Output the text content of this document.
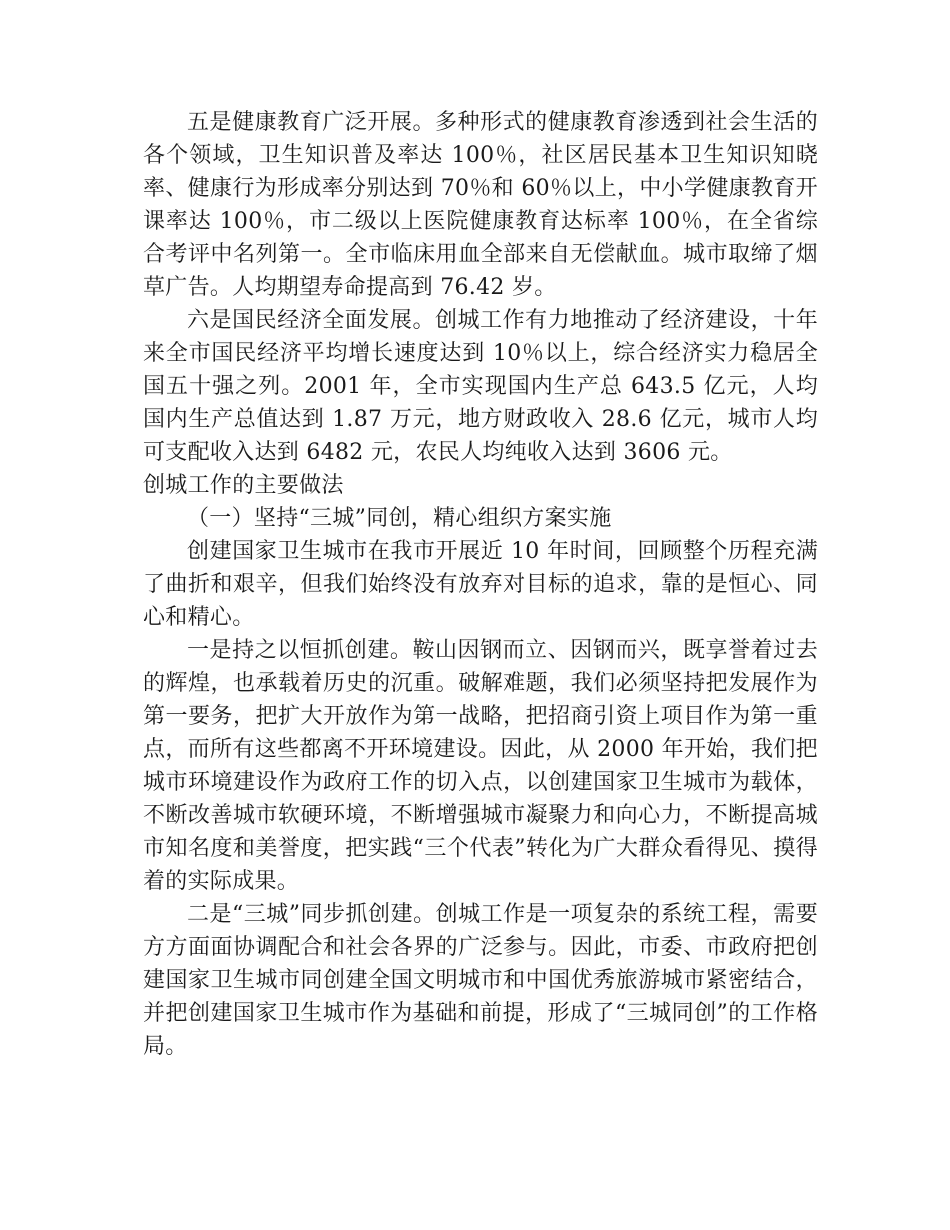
五是健康教育广泛开展。多种形式的健康教育渗透到社会生活的各个领域，卫生知识普及率达 100％，社区居民基本卫生知识知晓率、健康行为形成率分别达到 70％和 60％以上，中小学健康教育开课率达 100％，市二级以上医院健康教育达标率 100％，在全省综合考评中名列第一。全市临床用血全部来自无偿献血。城市取缔了烟草广告。人均期望寿命提高到 76.42 岁。

六是国民经济全面发展。创城工作有力地推动了经济建设，十年来全市国民经济平均增长速度达到 10％以上，综合经济实力稳居全国五十强之列。2001 年，全市实现国内生产总 643.5 亿元，人均国内生产总值达到 1.87 万元，地方财政收入 28.6 亿元，城市人均可支配收入达到 6482 元，农民人均纯收入达到 3606 元。

创城工作的主要做法

（一）坚持“三城”同创，精心组织方案实施

创建国家卫生城市在我市开展近 10 年时间，回顾整个历程充满了曲折和艰辛，但我们始终没有放弃对目标的追求，靠的是恒心、同心和精心。

一是持之以恒抓创建。鞍山因钢而立、因钢而兴，既享誉着过去的辉煌，也承载着历史的沉重。破解难题，我们必须坚持把发展作为第一要务，把扩大开放作为第一战略，把招商引资上项目作为第一重点，而所有这些都离不开环境建设。因此，从 2000 年开始，我们把城市环境建设作为政府工作的切入点，以创建国家卫生城市为载体，不断改善城市软硬环境，不断增强城市凝聚力和向心力，不断提高城市知名度和美誉度，把实践“三个代表”转化为广大群众看得见、摸得着的实际成果。

二是“三城”同步抓创建。创城工作是一项复杂的系统工程，需要方方面面协调配合和社会各界的广泛参与。因此，市委、市政府把创建国家卫生城市同创建全国文明城市和中国优秀旅游城市紧密结合，并把创建国家卫生城市作为基础和前提，形成了“三城同创”的工作格局。
